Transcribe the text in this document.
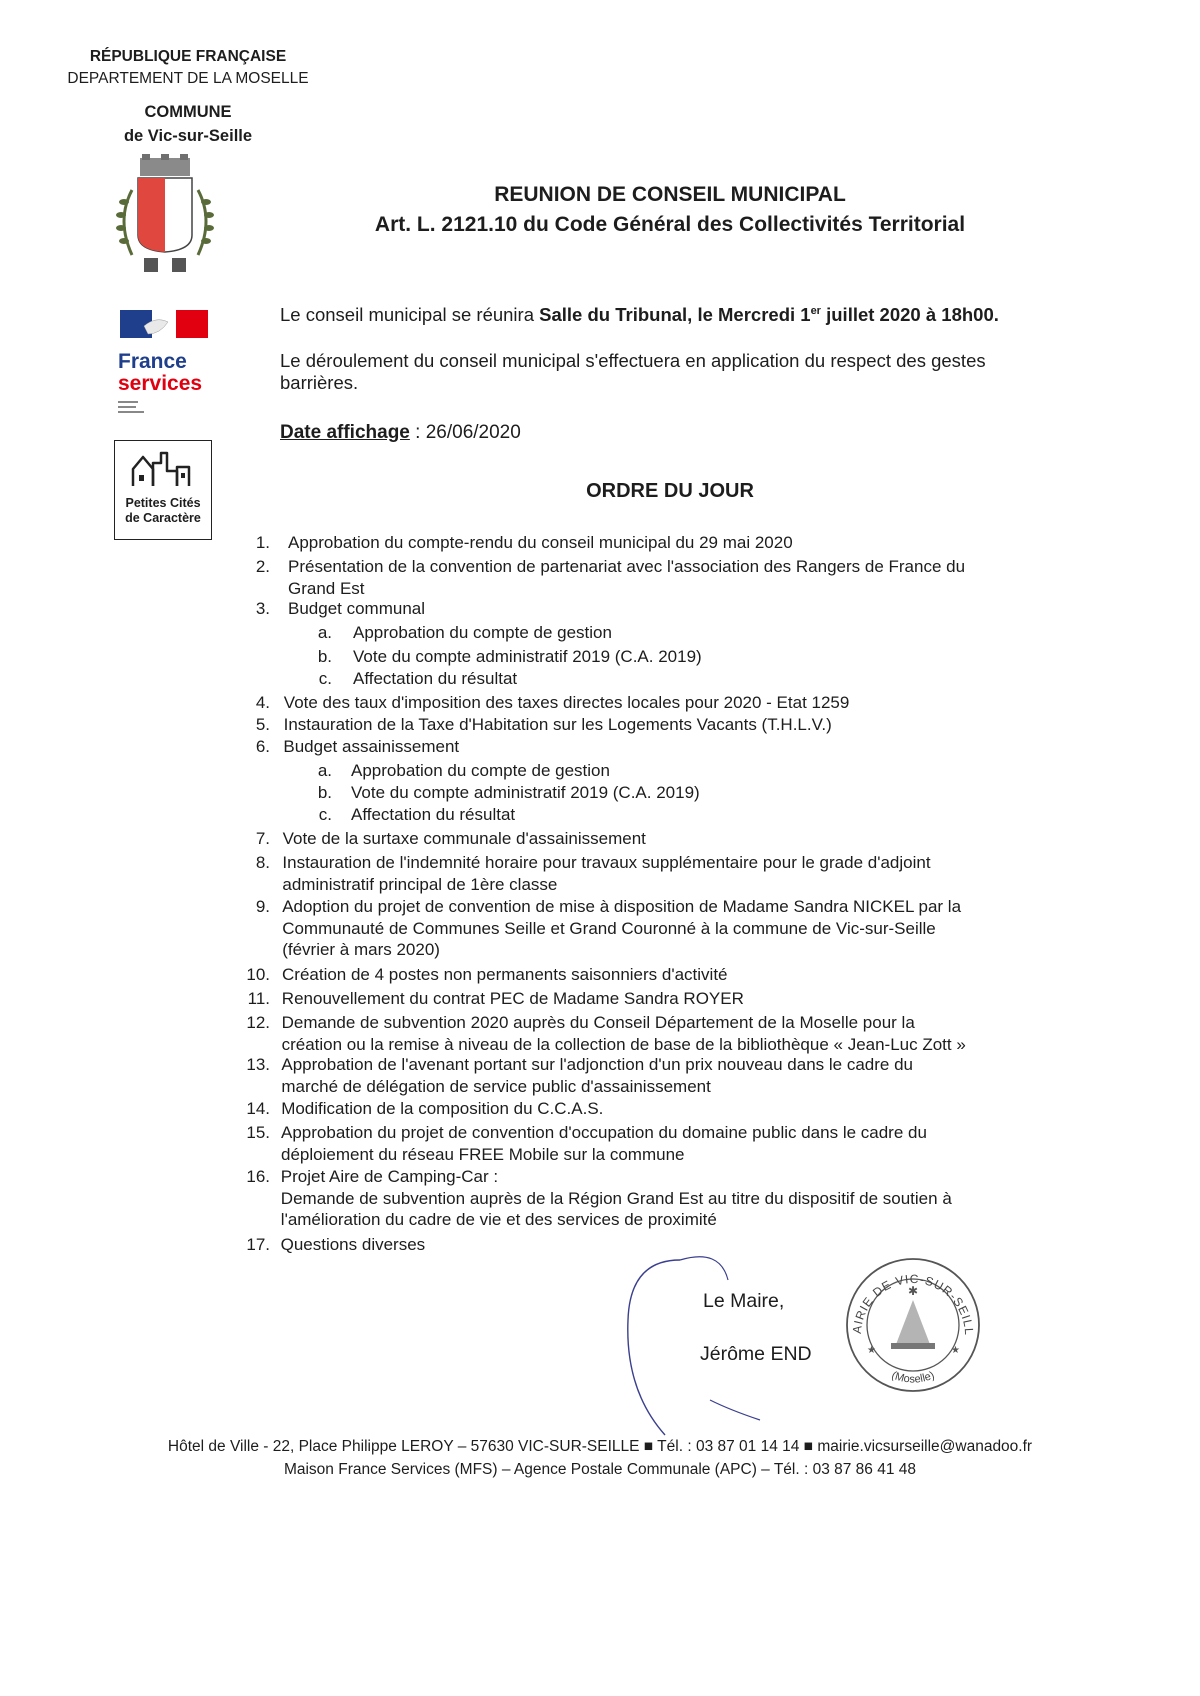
RÉPUBLIQUE FRANÇAISE
DEPARTEMENT DE LA MOSELLE
COMMUNE
de Vic-sur-Seille
France
services
Petites Cités
de Caractère
REUNION DE CONSEIL MUNICIPAL
Art. L. 2121.10 du Code Général des Collectivités Territorial
Le conseil municipal se réunira Salle du Tribunal, le Mercredi 1er juillet 2020 à 18h00.
Le déroulement du conseil municipal s'effectuera en application du respect des gestes barrières.
Date affichage : 26/06/2020
ORDRE DU JOUR
1. Approbation du compte-rendu du conseil municipal du 29 mai 2020
2. Présentation de la convention de partenariat avec l'association des Rangers de France du
Grand Est
3. Budget communal
a. Approbation du compte de gestion
b. Vote du compte administratif 2019 (C.A. 2019)
c. Affectation du résultat
4. Vote des taux d'imposition des taxes directes locales pour 2020 - Etat 1259
5. Instauration de la Taxe d'Habitation sur les Logements Vacants (T.H.L.V.)
6. Budget assainissement
a. Approbation du compte de gestion
b. Vote du compte administratif 2019 (C.A. 2019)
c. Affectation du résultat
7. Vote de la surtaxe communale d'assainissement
8. Instauration de l'indemnité horaire pour travaux supplémentaire pour le grade d'adjoint
administratif principal de 1ère classe
9. Adoption du projet de convention de mise à disposition de Madame Sandra NICKEL par la
Communauté de Communes Seille et Grand Couronné à la commune de Vic-sur-Seille
(février à mars 2020)
10. Création de 4 postes non permanents saisonniers d'activité
11. Renouvellement du contrat PEC de Madame Sandra ROYER
12. Demande de subvention 2020 auprès du Conseil Département de la Moselle pour la
création ou la remise à niveau de la collection de base de la bibliothèque « Jean-Luc Zott »
13. Approbation de l'avenant portant sur l'adjonction d'un prix nouveau dans le cadre du
marché de délégation de service public d'assainissement
14. Modification de la composition du C.C.A.S.
15. Approbation du projet de convention d'occupation du domaine public dans le cadre du
déploiement du réseau FREE Mobile sur la commune
16. Projet Aire de Camping-Car :
Demande de subvention auprès de la Région Grand Est au titre du dispositif de soutien à
l'amélioration du cadre de vie et des services de proximité
17. Questions diverses
Le Maire,
Jérôme END
AIRIE DE VIC-SUR-SEILL
(Moselle)
✱
★	★
Hôtel de Ville - 22, Place Philippe LEROY – 57630 VIC-SUR-SEILLE ■ Tél. : 03 87 01 14 14 ■ mairie.vicsurseille@wanadoo.fr
Maison France Services (MFS) – Agence Postale Communale (APC) – Tél. : 03 87 86 41 48
